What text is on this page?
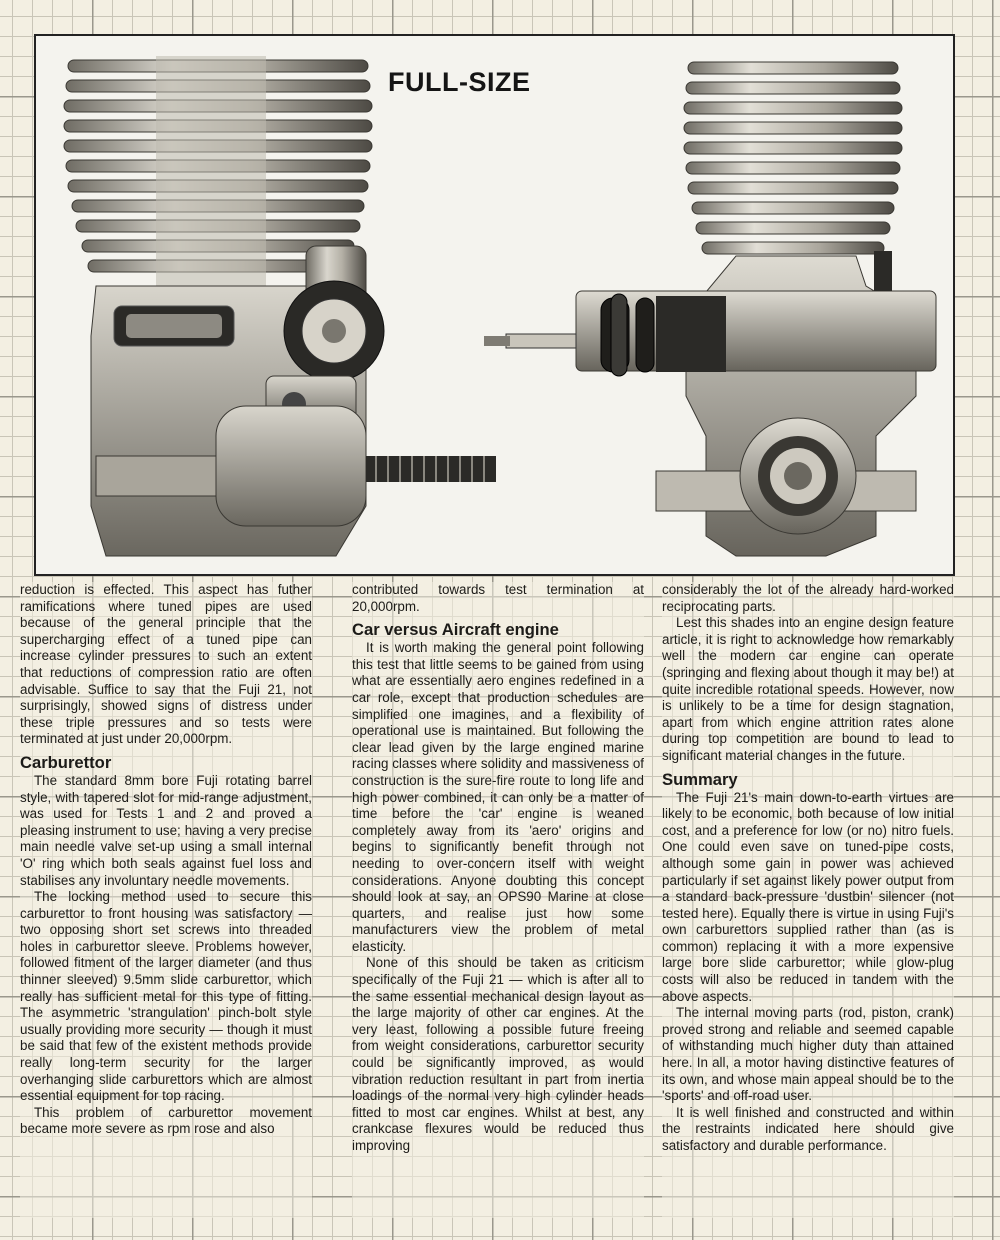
FULL-SIZE

reduction is effected. This aspect has futher ramifications where tuned pipes are used because of the general principle that the supercharging effect of a tuned pipe can increase cylinder pressures to such an extent that reductions of compression ratio are often advisable. Suffice to say that the Fuji 21, not surprisingly, showed signs of distress under these triple pressures and so tests were terminated at just under 20,000rpm.

Carburettor

The standard 8mm bore Fuji rotating barrel style, with tapered slot for mid-range adjustment, was used for Tests 1 and 2 and proved a pleasing instrument to use; having a very precise main needle valve set-up using a small internal 'O' ring which both seals against fuel loss and stabilises any involuntary needle movements.

The locking method used to secure this carburettor to front housing was satisfactory — two opposing short set screws into threaded holes in carburettor sleeve. Problems however, followed fitment of the larger diameter (and thus thinner sleeved) 9.5mm slide carburettor, which really has sufficient metal for this type of fitting. The asymmetric 'strangulation' pinch-bolt style usually providing more security — though it must be said that few of the existent methods provide really long-term security for the larger overhanging slide carburettors which are almost essential equipment for top racing.

This problem of carburettor movement became more severe as rpm rose and also

contributed towards test termination at 20,000rpm.

Car versus Aircraft engine

It is worth making the general point following this test that little seems to be gained from using what are essentially aero engines redefined in a car role, except that production schedules are simplified one imagines, and a flexibility of operational use is maintained. But following the clear lead given by the large engined marine racing classes where solidity and massiveness of construction is the sure-fire route to long life and high power combined, it can only be a matter of time before the 'car' engine is weaned completely away from its 'aero' origins and begins to significantly benefit through not needing to over-concern itself with weight considerations. Anyone doubting this concept should look at say, an OPS90 Marine at close quarters, and realise just how some manufacturers view the problem of metal elasticity.

None of this should be taken as criticism specifically of the Fuji 21 — which is after all to the same essential mechanical design layout as the large majority of other car engines. At the very least, following a possible future freeing from weight considerations, carburettor security could be significantly improved, as would vibration reduction resultant in part from inertia loadings of the normal very high cylinder heads fitted to most car engines. Whilst at best, any crankcase flexures would be reduced thus improving

considerably the lot of the already hard-worked reciprocating parts.

Lest this shades into an engine design feature article, it is right to acknowledge how remarkably well the modern car engine can operate (springing and flexing about though it may be!) at quite incredible rotational speeds. However, now is unlikely to be a time for design stagnation, apart from which engine attrition rates alone during top competition are bound to lead to significant material changes in the future.

Summary

The Fuji 21's main down-to-earth virtues are likely to be economic, both because of low initial cost, and a preference for low (or no) nitro fuels. One could even save on tuned-pipe costs, although some gain in power was achieved particularly if set against likely power output from a standard back-pressure 'dustbin' silencer (not tested here). Equally there is virtue in using Fuji's own carburettors supplied rather than (as is common) replacing it with a more expensive large bore slide carburettor; while glow-plug costs will also be reduced in tandem with the above aspects.

The internal moving parts (rod, piston, crank) proved strong and reliable and seemed capable of withstanding much higher duty than attained here. In all, a motor having distinctive features of its own, and whose main appeal should be to the 'sports' and off-road user.

It is well finished and constructed and within the restraints indicated here should give satisfactory and durable performance.
